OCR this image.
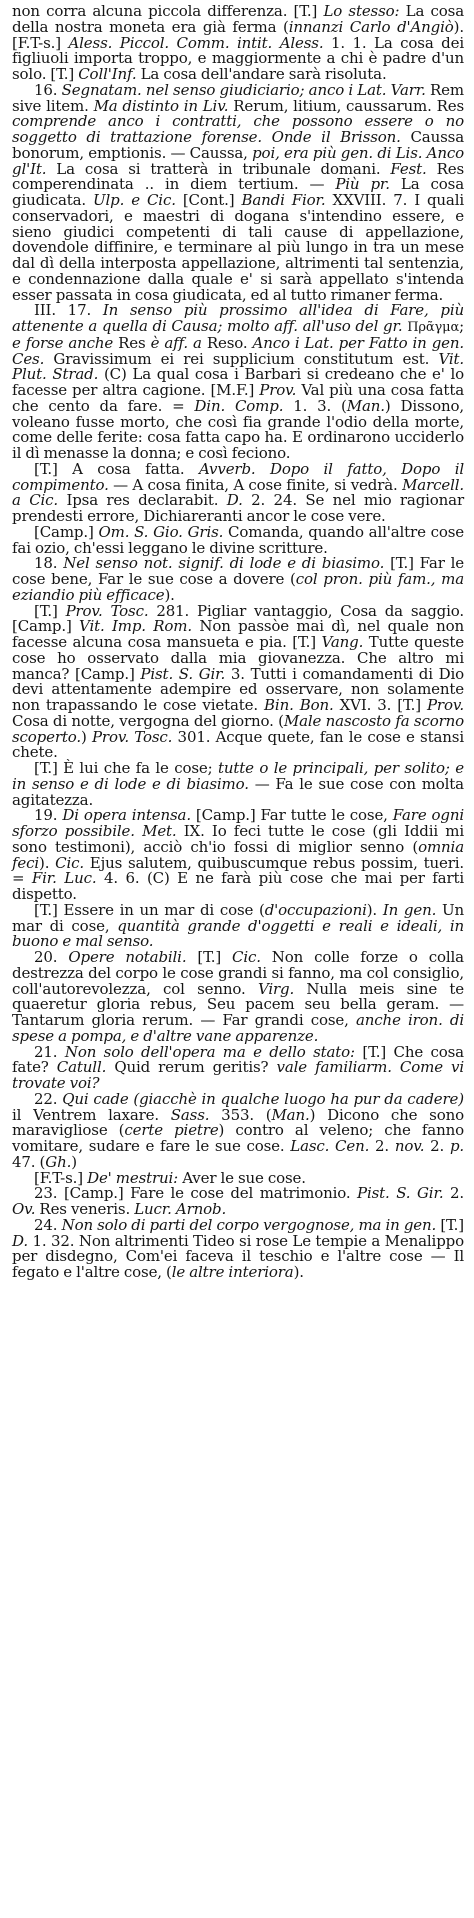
non corra alcuna piccola differenza. [T.] Lo stesso: La cosa della nostra moneta era già ferma (innanzi Carlo d'Angiò). [F.T-s.] Aless. Piccol. Comm. intit. Aless. 1. 1. La cosa dei figliuoli importa troppo, e maggiormente a chi è padre d'un solo. [T.] Coll'Inf. La cosa dell'andare sarà risoluta.

16. Segnatam. nel senso giudiciario; anco i Lat. Varr. Rem sive litem. Ma distinto in Liv. Rerum, litium, caussarum. Res comprende anco i contratti, che possono essere o no soggetto di trattazione forense. Onde il Brisson. Caussa bonorum, emptionis. — Caussa, poi, era più gen. di Lis. Anco gl'It. La cosa si tratterà in tribunale domani. Fest. Res comperendinata .. in diem tertium. — Più pr. La cosa giudicata. Ulp. e Cic. [Cont.] Bandi Fior. XXVIII. 7. I quali conservadori, e maestri di dogana s'intendino essere, e sieno giudici competenti di tali cause di appellazione, dovendole diffinire, e terminare al più lungo in tra un mese dal dì della interposta appellazione, altrimenti tal sentenzia, e condennazione dalla quale e' si sarà appellato s'intenda esser passata in cosa giudicata, ed al tutto rimaner ferma.

III. 17. In senso più prossimo all'idea di Fare, più attenente a quella di Causa; molto aff. all'uso del gr. Πρᾶγμα; e forse anche Res è aff. a Reso. Anco i Lat. per Fatto in gen. Ces. Gravissimum ei rei supplicium constitutum est. Vit. Plut. Strad. (C) La qual cosa i Barbari si credeano che e' lo facesse per altra cagione. [M.F.] Prov. Val più una cosa fatta che cento da fare. = Din. Comp. 1. 3. (Man.) Dissono, voleano fusse morto, che così fia grande l'odio della morte, come delle ferite: cosa fatta capo ha. E ordinarono ucciderlo il dì menasse la donna; e così feciono.

[T.] A cosa fatta. Avverb. Dopo il fatto, Dopo il compimento. — A cosa finita, A cose finite, si vedrà. Marcell. a Cic. Ipsa res declarabit. D. 2. 24. Se nel mio ragionar prendesti errore, Dichiareranti ancor le cose vere.

[Camp.] Om. S. Gio. Gris. Comanda, quando all'altre cose fai ozio, ch'essi leggano le divine scritture.

18. Nel senso not. signif. di lode e di biasimo. [T.] Far le cose bene, Far le sue cose a dovere (col pron. più fam., ma eziandio più efficace).

[T.] Prov. Tosc. 281. Pigliar vantaggio, Cosa da saggio. [Camp.] Vit. Imp. Rom. Non passòe mai dì, nel quale non facesse alcuna cosa mansueta e pia. [T.] Vang. Tutte queste cose ho osservato dalla mia giovanezza. Che altro mi manca? [Camp.] Pist. S. Gir. 3. Tutti i comandamenti di Dio devi attentamente adempire ed osservare, non solamente non trapassando le cose vietate. Bin. Bon. XVI. 3. [T.] Prov. Cosa di notte, vergogna del giorno. (Male nascosto fa scorno scoperto.) Prov. Tosc. 301. Acque quete, fan le cose e stansi chete.

[T.] È lui che fa le cose; tutte o le principali, per solito; e in senso e di lode e di biasimo. — Fa le sue cose con molta agitatezza.

19. Di opera intensa. [Camp.] Far tutte le cose, Fare ogni sforzo possibile. Met. IX. Io feci tutte le cose (gli Iddii mi sono testimoni), acciò ch'io fossi di miglior senno (omnia feci). Cic. Ejus salutem, quibuscumque rebus possim, tueri. = Fir. Luc. 4. 6. (C) E ne farà più cose che mai per farti dispetto.

[T.] Essere in un mar di cose (d'occupazioni). In gen. Un mar di cose, quantità grande d'oggetti e reali e ideali, in buono e mal senso.

20. Opere notabili. [T.] Cic. Non colle forze o colla destrezza del corpo le cose grandi si fanno, ma col consiglio, coll'autorevolezza, col senno. Virg. Nulla meis sine te quaeretur gloria rebus, Seu pacem seu bella geram. — Tantarum gloria rerum. — Far grandi cose, anche iron. di spese a pompa, e d'altre vane apparenze.

21. Non solo dell'opera ma e dello stato: [T.] Che cosa fate? Catull. Quid rerum geritis? vale familiarm. Come vi trovate voi?

22. Qui cade (giacchè in qualche luogo ha pur da cadere) il Ventrem laxare. Sass. 353. (Man.) Dicono che sono maravigliose (certe pietre) contro al veleno; che fanno vomitare, sudare e fare le sue cose. Lasc. Cen. 2. nov. 2. p. 47. (Gh.)

[F.T-s.] De' mestrui: Aver le sue cose.

23. [Camp.] Fare le cose del matrimonio. Pist. S. Gir. 2. Ov. Res veneris. Lucr. Arnob.

24. Non solo di parti del corpo vergognose, ma in gen. [T.] D. 1. 32. Non altrimenti Tideo si rose Le tempie a Menalippo per disdegno, Com'ei faceva il teschio e l'altre cose — Il fegato e l'altre cose, (le altre interiora).
